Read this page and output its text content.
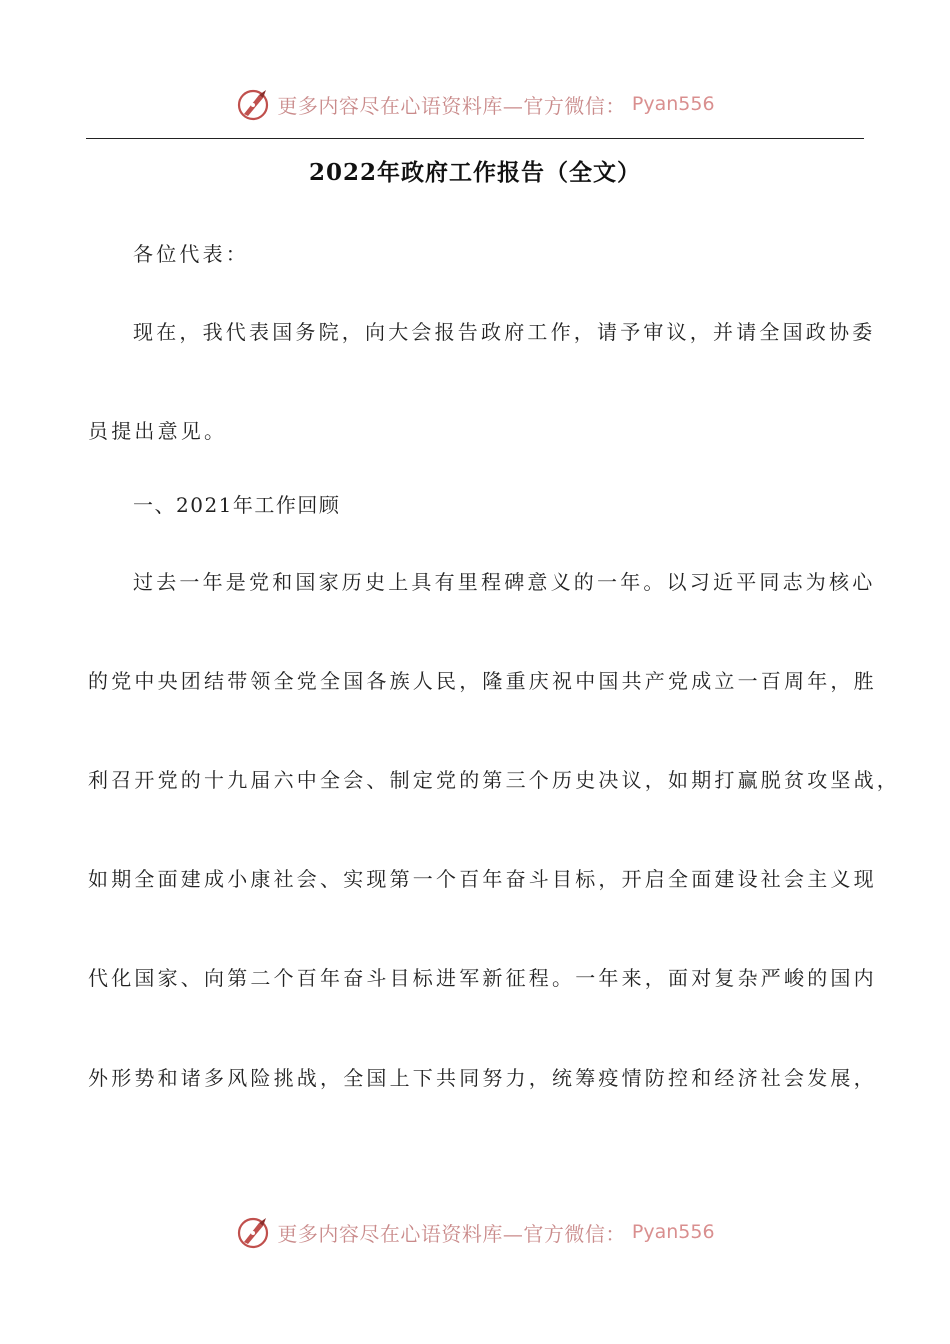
更多内容尽在心语资料库—官方微信： Pyan556
2022年政府工作报告（全文）
各位代表：
现在，我代表国务院，向大会报告政府工作，请予审议，并请全国政协委
员提出意见。
一、2021年工作回顾
过去一年是党和国家历史上具有里程碑意义的一年。以习近平同志为核心
的党中央团结带领全党全国各族人民，隆重庆祝中国共产党成立一百周年，胜
利召开党的十九届六中全会、制定党的第三个历史决议，如期打赢脱贫攻坚战，
如期全面建成小康社会、实现第一个百年奋斗目标，开启全面建设社会主义现
代化国家、向第二个百年奋斗目标进军新征程。一年来，面对复杂严峻的国内
外形势和诸多风险挑战，全国上下共同努力，统筹疫情防控和经济社会发展，
更多内容尽在心语资料库—官方微信： Pyan556
